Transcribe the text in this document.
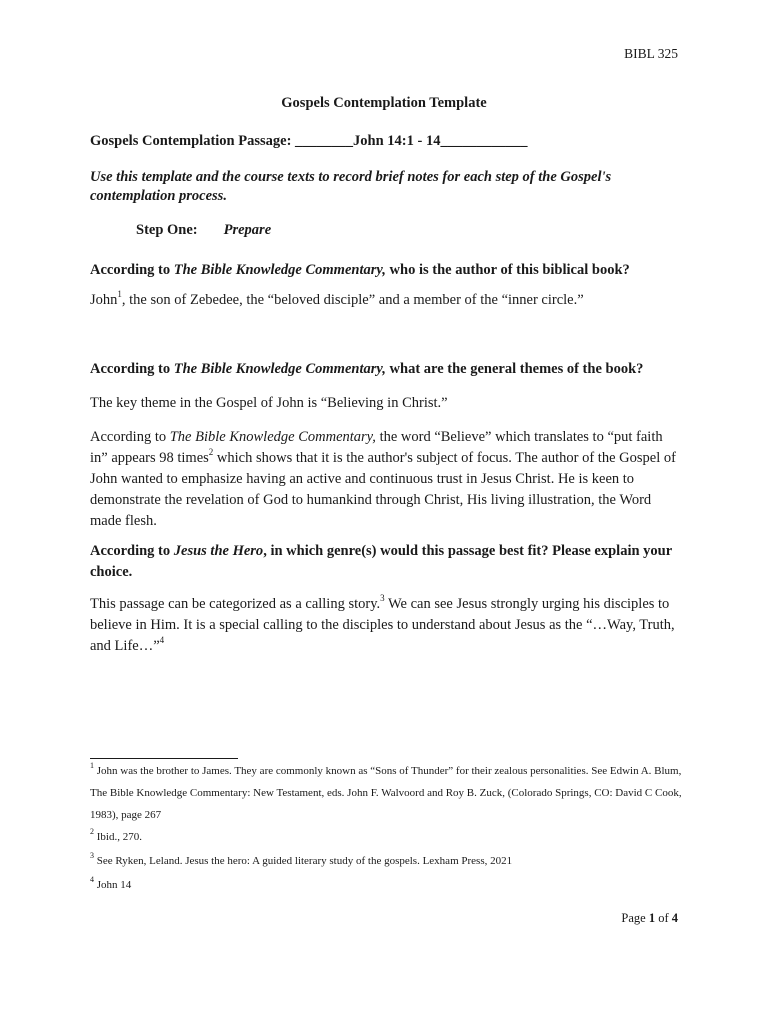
BIBL 325

Gospels Contemplation Template

Gospels Contemplation Passage: ________John 14:1 - 14____________

Use this template and the course texts to record brief notes for each step of the Gospel's contemplation process.

Step One: Prepare

According to The Bible Knowledge Commentary, who is the author of this biblical book?

John$^1$, the son of Zebedee, the “beloved disciple” and a member of the “inner circle.”

According to The Bible Knowledge Commentary, what are the general themes of the book?

The key theme in the Gospel of John is “Believing in Christ.”

According to The Bible Knowledge Commentary, the word “Believe” which translates to “put faith in” appears 98 times$^2$ which shows that it is the author's subject of focus. The author of the Gospel of John wanted to emphasize having an active and continuous trust in Jesus Christ. He is keen to demonstrate the revelation of God to humankind through Christ, His living illustration, the Word made flesh.

According to Jesus the Hero, in which genre(s) would this passage best fit? Please explain your choice.

This passage can be categorized as a calling story.$^3$ We can see Jesus strongly urging his disciples to believe in Him. It is a special calling to the disciples to understand about Jesus as the “…Way, Truth, and Life…”$^4$

$^1$ John was the brother to James. They are commonly known as “Sons of Thunder” for their zealous personalities. See Edwin A. Blum, The Bible Knowledge Commentary: New Testament, eds. John F. Walvoord and Roy B. Zuck, (Colorado Springs, CO: David C Cook, 1983), page 267

$^2$ Ibid., 270.

$^3$ See Ryken, Leland. Jesus the hero: A guided literary study of the gospels. Lexham Press, 2021

$^4$ John 14

Page 1 of 4
